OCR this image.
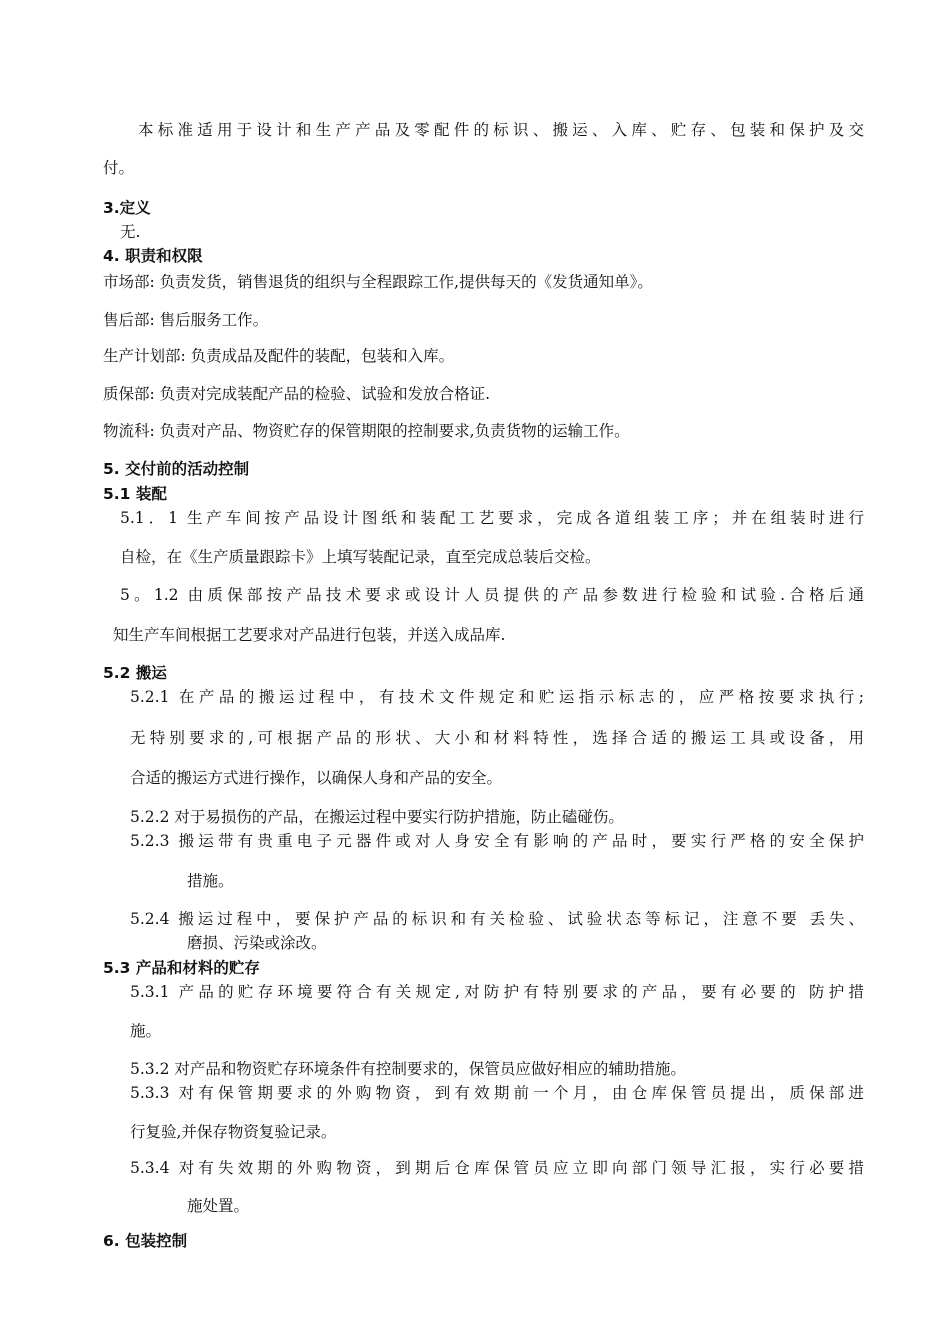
本标准适用于设计和生产产品及零配件的标识、搬运、入库、贮存、包装和保护及交
付。
3.定义
无.
4. 职责和权限
市场部: 负责发货，销售退货的组织与全程跟踪工作,提供每天的《发货通知单》。
售后部: 售后服务工作。
生产计划部: 负责成品及配件的装配，包装和入库。
质保部: 负责对完成装配产品的检验、试验和发放合格证.
物流科: 负责对产品、物资贮存的保管期限的控制要求,负责货物的运输工作。
5. 交付前的活动控制
5.1 装配
5.1．1 生产车间按产品设计图纸和装配工艺要求，完成各道组装工序；并在组装时进行
自检，在《生产质量跟踪卡》上填写装配记录，直至完成总装后交检。
5。1.2 由质保部按产品技术要求或设计人员提供的产品参数进行检验和试验.合格后通
知生产车间根据工艺要求对产品进行包装，并送入成品库.
5.2 搬运
5.2.1 在产品的搬运过程中，有技术文件规定和贮运指示标志的，应严格按要求执行;
无特别要求的,可根据产品的形状、大小和材料特性，选择合适的搬运工具或设备，用
合适的搬运方式进行操作，以确保人身和产品的安全。
5.2.2 对于易损伤的产品，在搬运过程中要实行防护措施，防止磕碰伤。
5.2.3 搬运带有贵重电子元器件或对人身安全有影响的产品时，要实行严格的安全保护
措施。
5.2.4 搬运过程中，要保护产品的标识和有关检验、试验状态等标记，注意不要 丢失、
磨损、污染或涂改。
5.3 产品和材料的贮存
5.3.1 产品的贮存环境要符合有关规定,对防护有特别要求的产品，要有必要的 防护措
施。
5.3.2 对产品和物资贮存环境条件有控制要求的，保管员应做好相应的辅助措施。
5.3.3 对有保管期要求的外购物资，到有效期前一个月，由仓库保管员提出，质保部进
行复验,并保存物资复验记录。
5.3.4 对有失效期的外购物资，到期后仓库保管员应立即向部门领导汇报，实行必要措
施处置。
6. 包装控制
